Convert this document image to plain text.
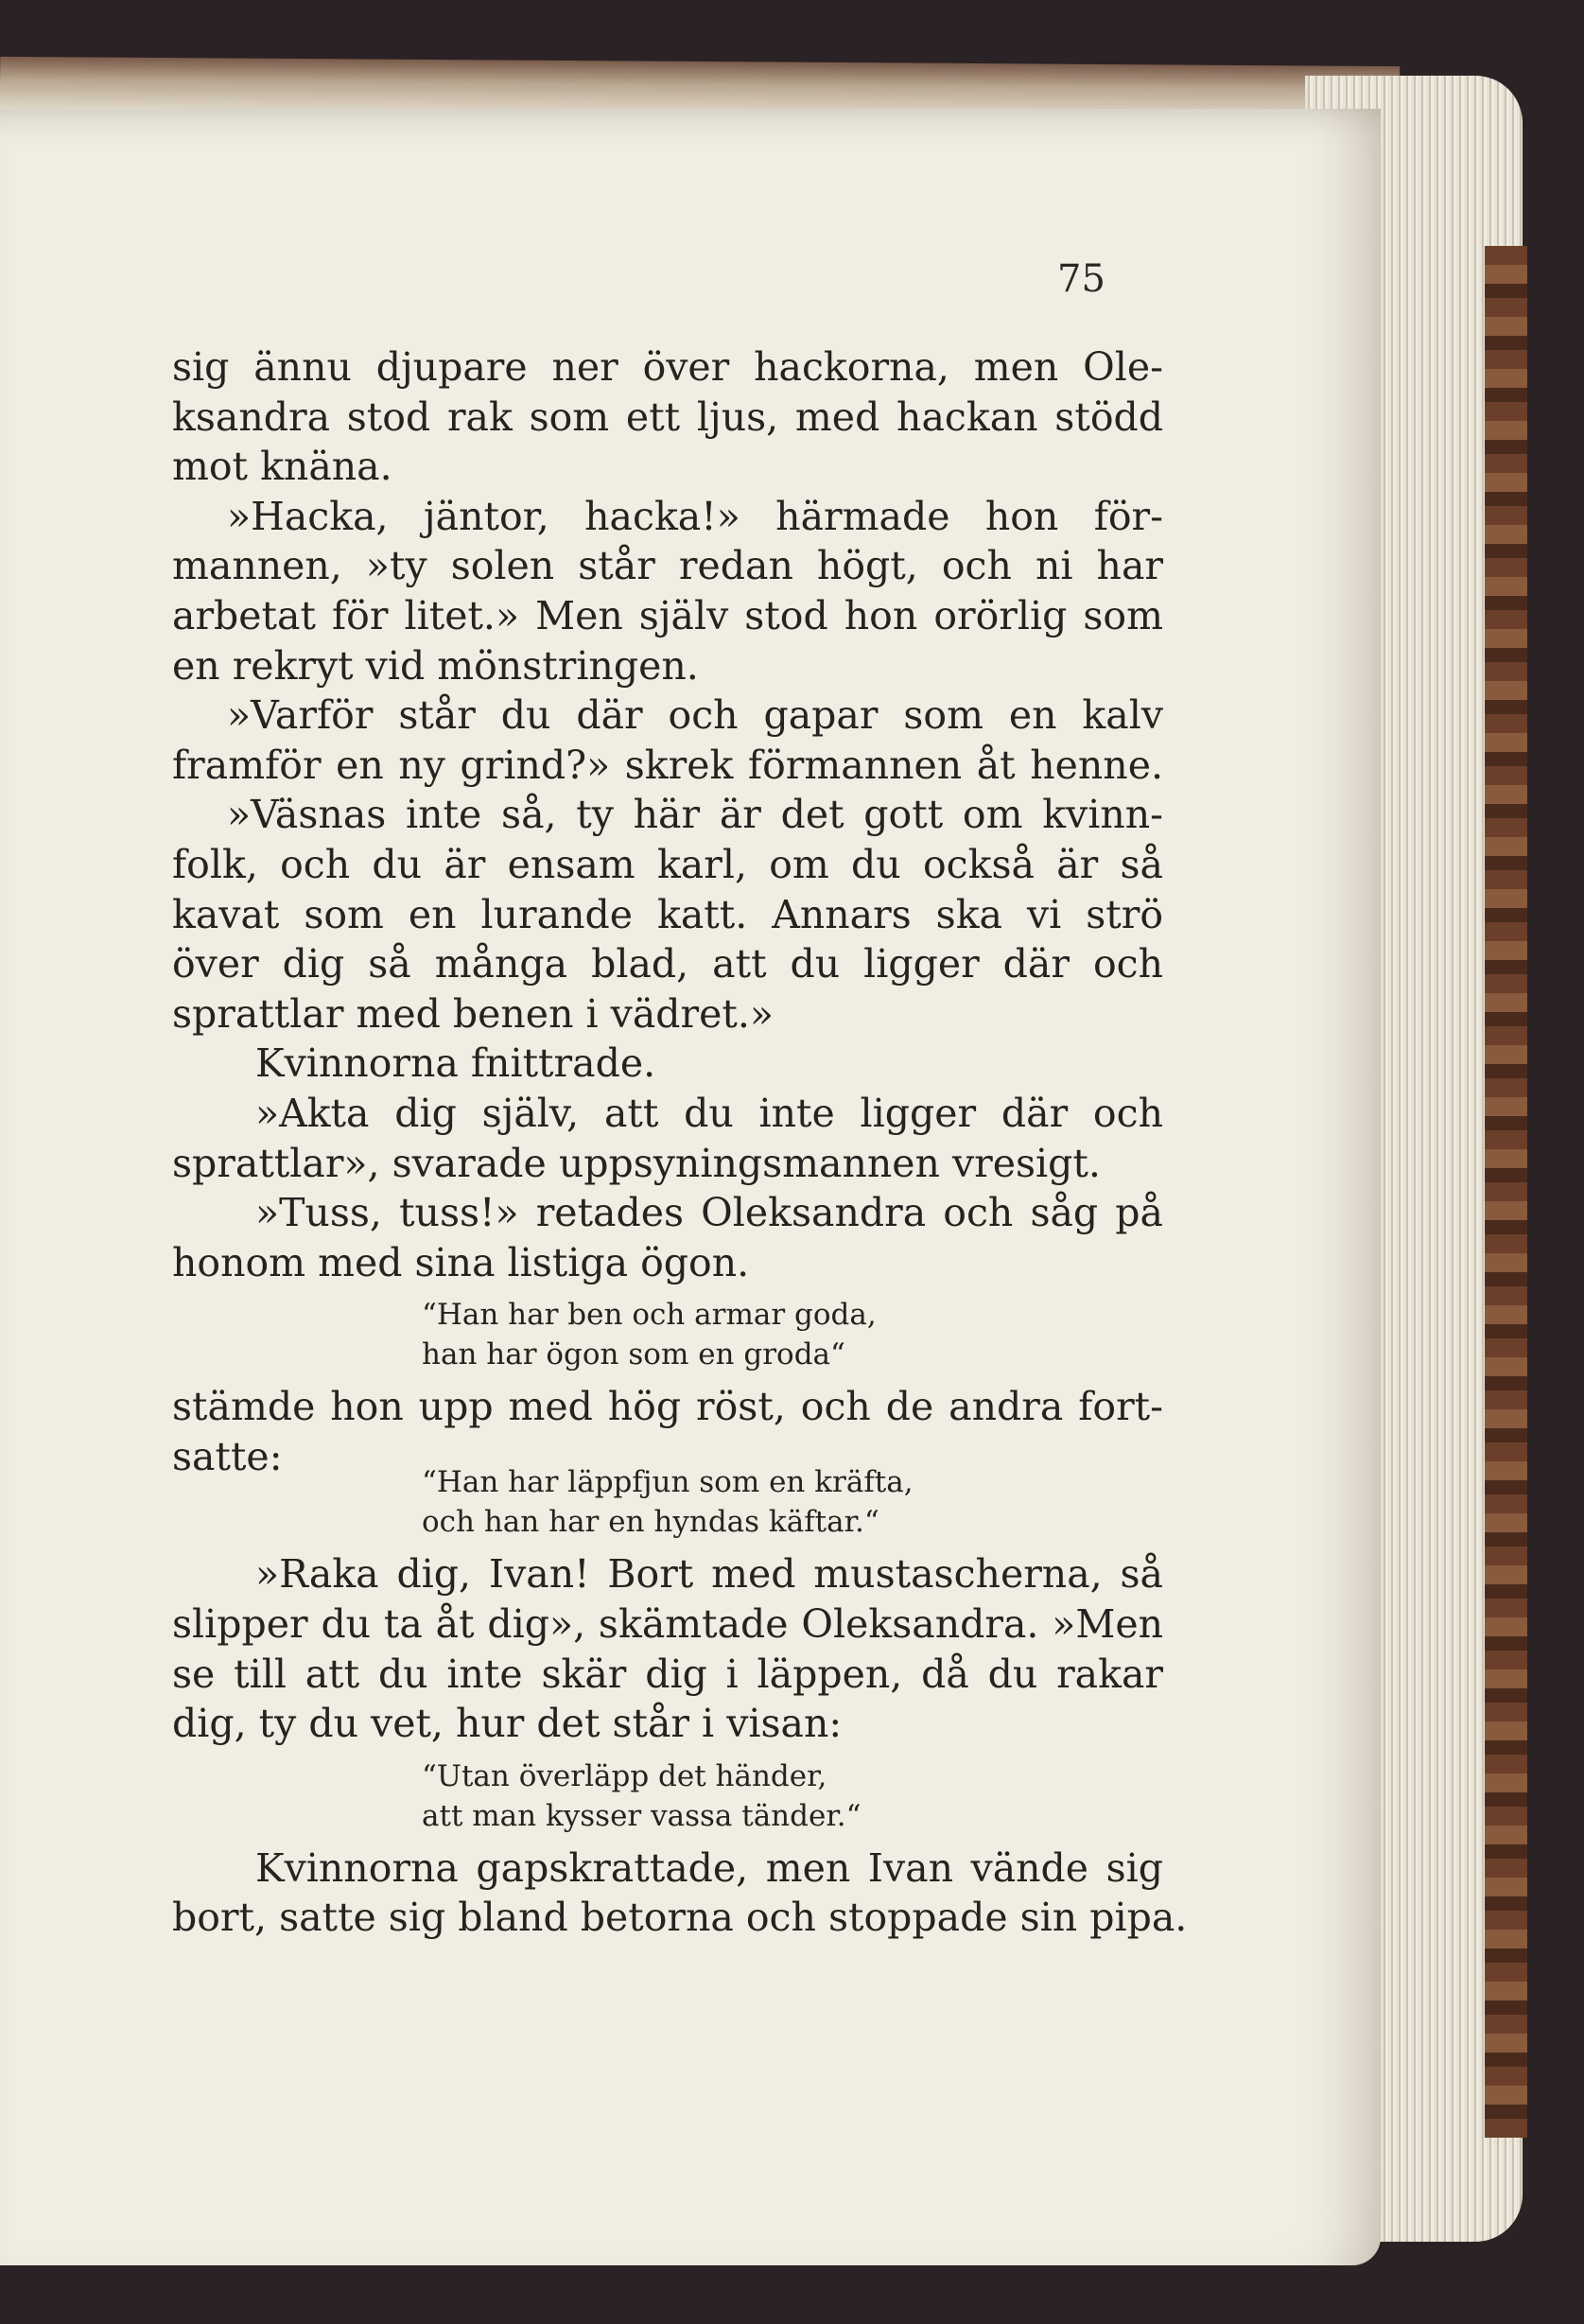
75
sig ännu djupare ner över hackorna, men Ole-
ksandra stod rak som ett ljus, med hackan stödd
mot knäna.
»Hacka, jäntor, hacka!» härmade hon för-
mannen, »ty solen står redan högt, och ni har
arbetat för litet.» Men själv stod hon orörlig som
en rekryt vid mönstringen.
»Varför står du där och gapar som en kalv
framför en ny grind?» skrek förmannen åt henne.
»Väsnas inte så, ty här är det gott om kvinn-
folk, och du är ensam karl, om du också är så
kavat som en lurande katt. Annars ska vi strö
över dig så många blad, att du ligger där och
sprattlar med benen i vädret.»
Kvinnorna fnittrade.
»Akta dig själv, att du inte ligger där och
sprattlar», svarade uppsyningsmannen vresigt.
»Tuss, tuss!» retades Oleksandra och såg på
honom med sina listiga ögon.
“Han har ben och armar goda,
han har ögon som en groda“
stämde hon upp med hög röst, och de andra fort-
satte:
“Han har läppfjun som en kräfta,
och han har en hyndas käftar.“
»Raka dig, Ivan! Bort med mustascherna, så
slipper du ta åt dig», skämtade Oleksandra. »Men
se till att du inte skär dig i läppen, då du rakar
dig, ty du vet, hur det står i visan:
“Utan överläpp det händer,
att man kysser vassa tänder.“
Kvinnorna gapskrattade, men Ivan vände sig
bort, satte sig bland betorna och stoppade sin pipa.
